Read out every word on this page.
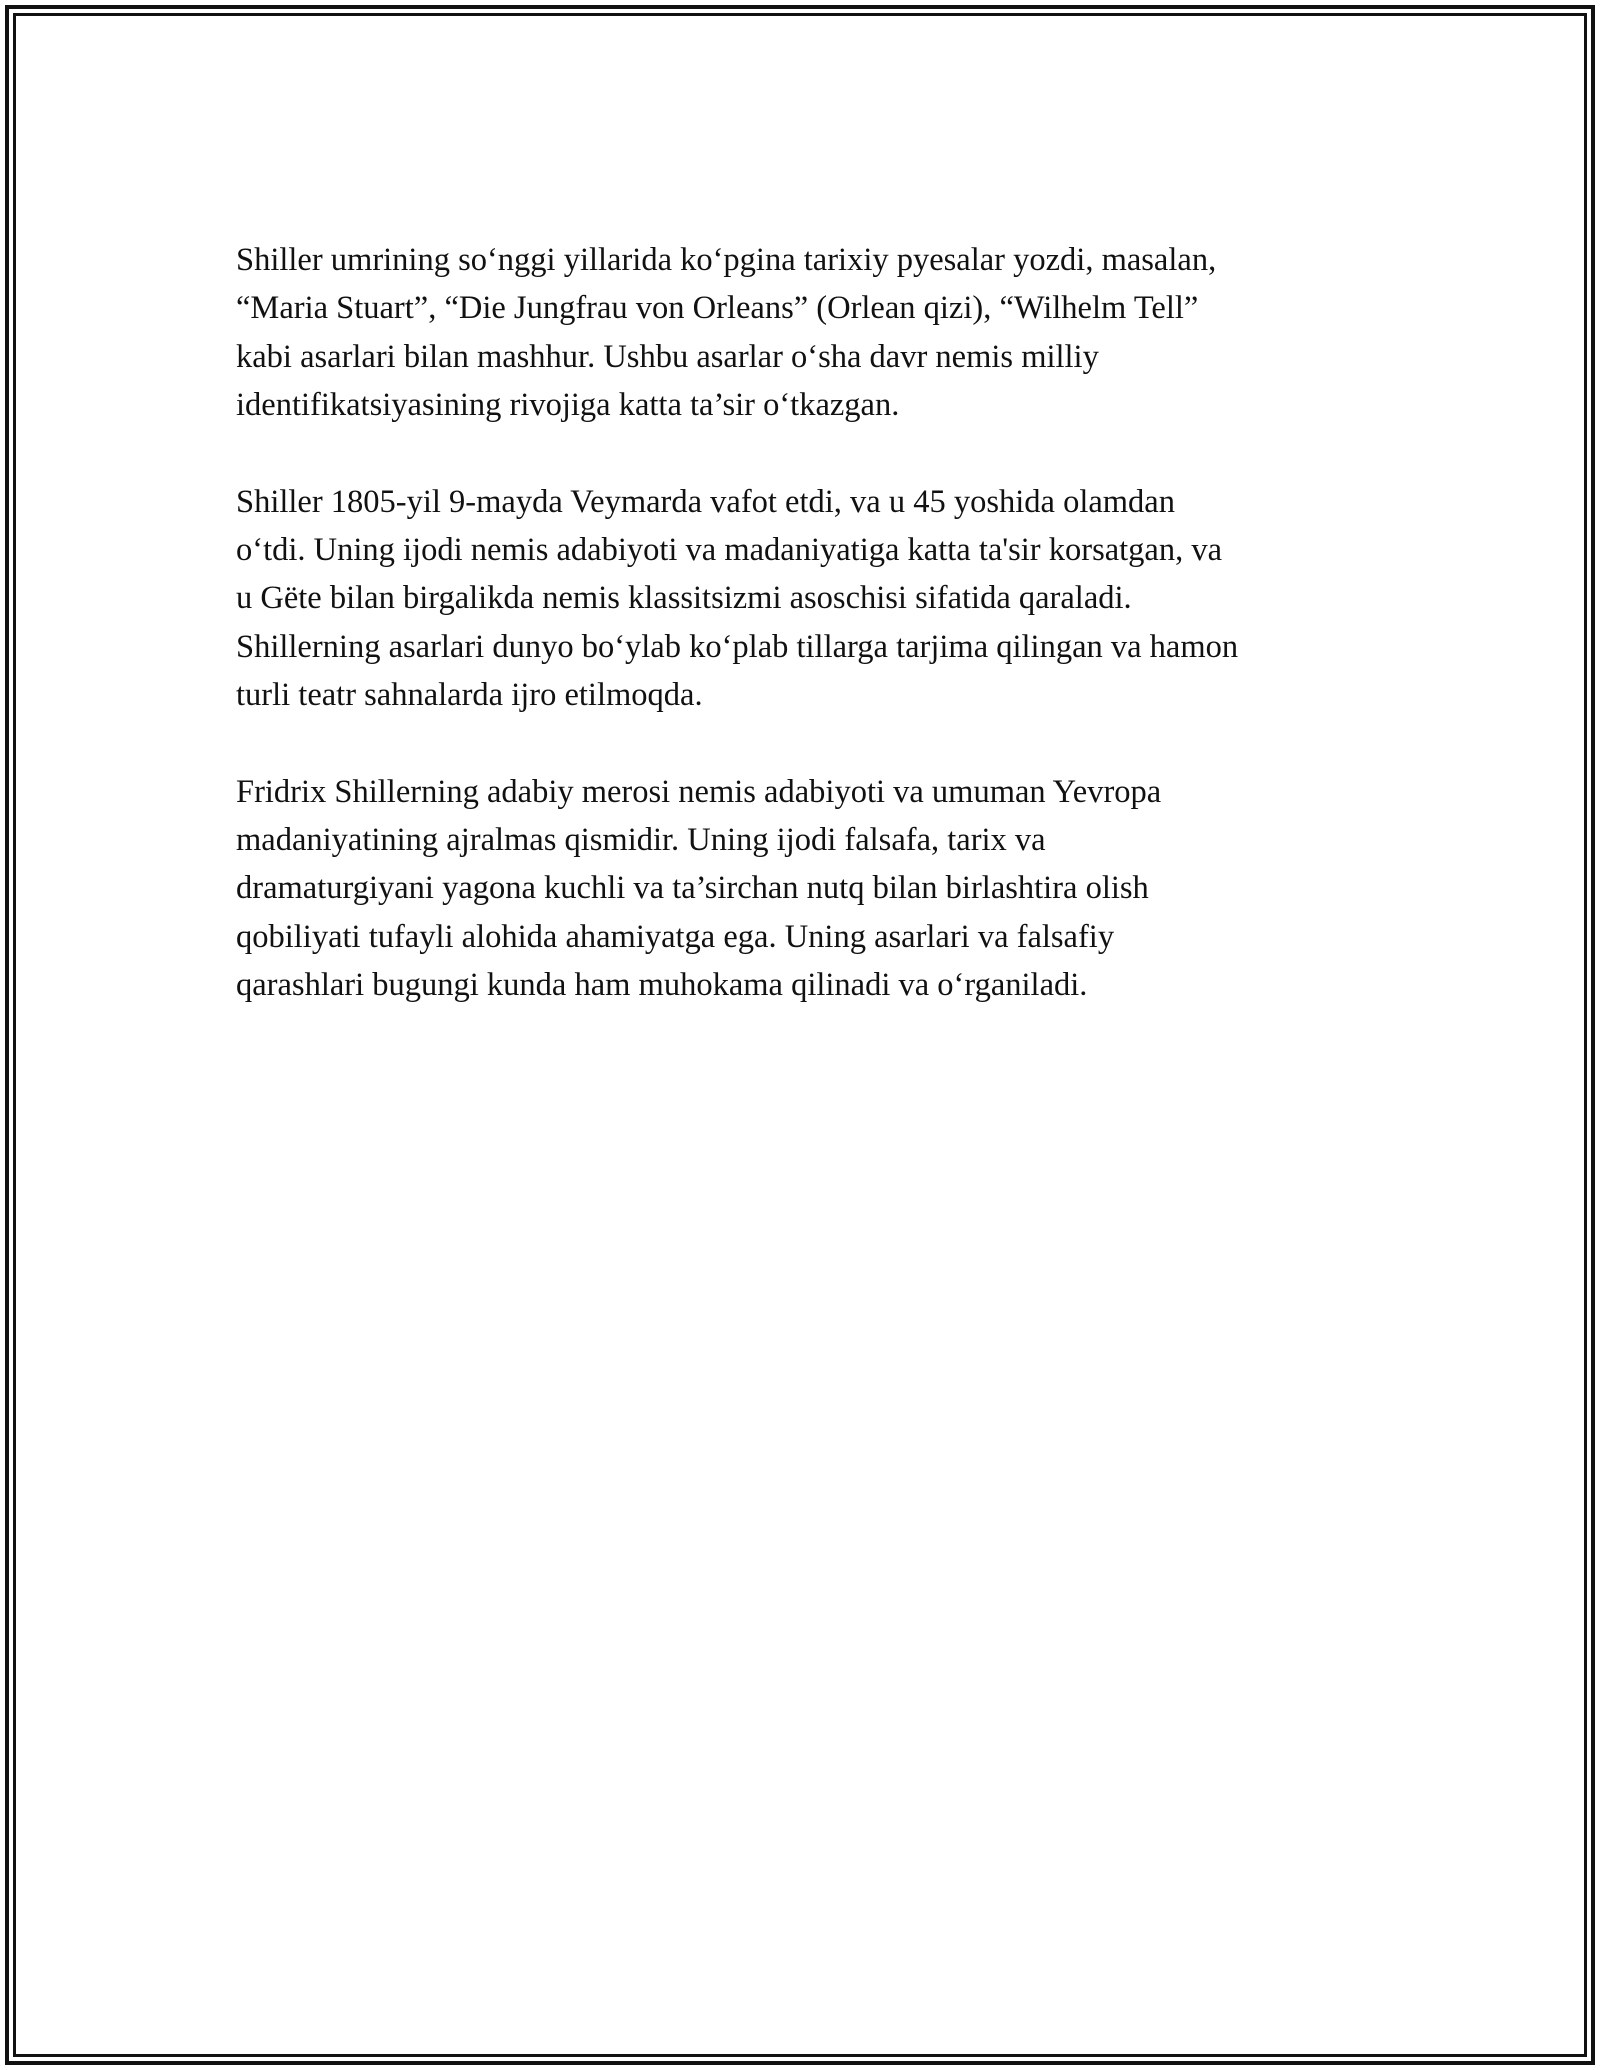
Shiller umrining so‘nggi yillarida ko‘pgina tarixiy pyesalar yozdi, masalan,
“Maria Stuart”, “Die Jungfrau von Orleans” (Orlean qizi), “Wilhelm Tell”
kabi asarlari bilan mashhur. Ushbu asarlar o‘sha davr nemis milliy
identifikatsiyasining rivojiga katta ta’sir o‘tkazgan.

Shiller 1805-yil 9-mayda Veymarda vafot etdi, va u 45 yoshida olamdan
o‘tdi. Uning ijodi nemis adabiyoti va madaniyatiga katta ta'sir korsatgan, va
u Gëte bilan birgalikda nemis klassitsizmi asoschisi sifatida qaraladi.
Shillerning asarlari dunyo bo‘ylab ko‘plab tillarga tarjima qilingan va hamon
turli teatr sahnalarda ijro etilmoqda.

Fridrix Shillerning adabiy merosi nemis adabiyoti va umuman Yevropa
madaniyatining ajralmas qismidir. Uning ijodi falsafa, tarix va
dramaturgiyani yagona kuchli va ta’sirchan nutq bilan birlashtira olish
qobiliyati tufayli alohida ahamiyatga ega. Uning asarlari va falsafiy
qarashlari bugungi kunda ham muhokama qilinadi va o‘rganiladi.
